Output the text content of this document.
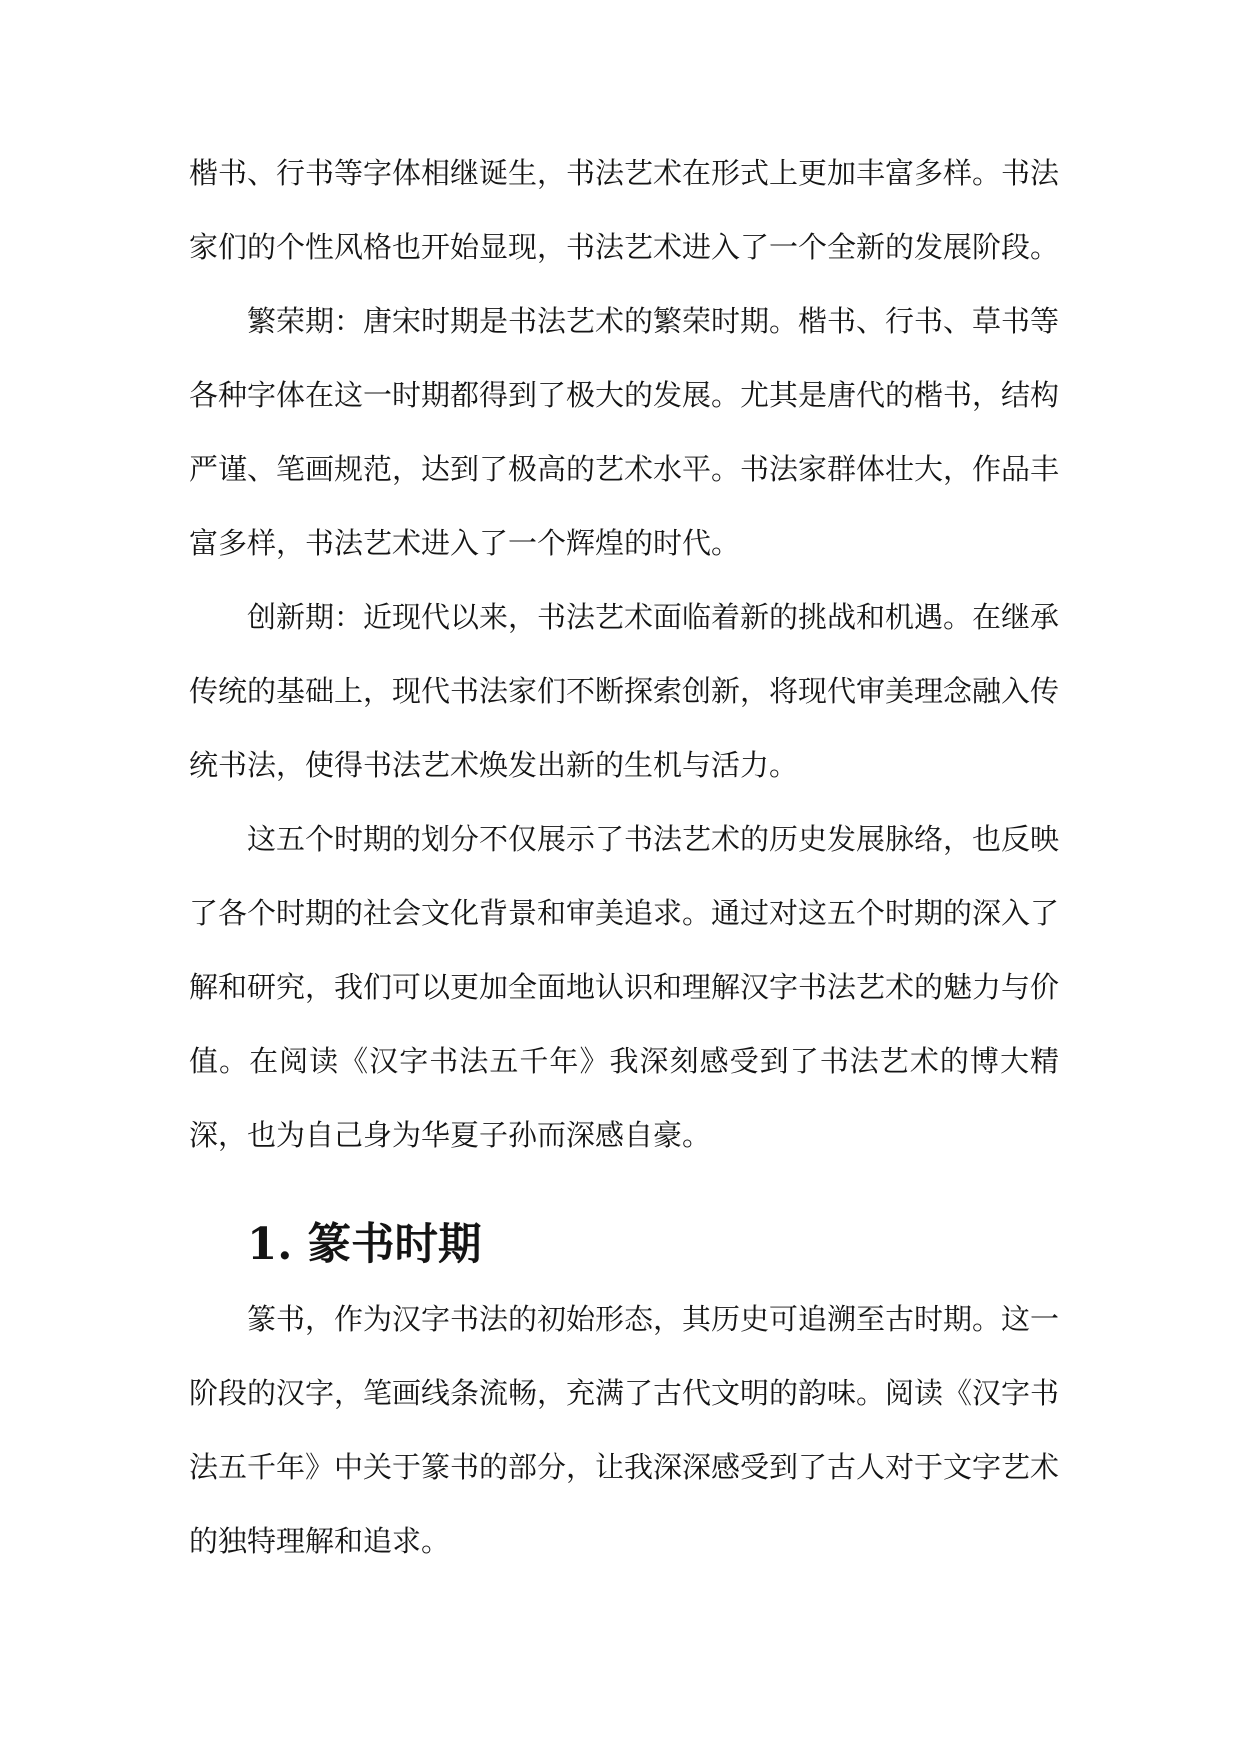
楷书、行书等字体相继诞生，书法艺术在形式上更加丰富多样。书法家们的个性风格也开始显现，书法艺术进入了一个全新的发展阶段。

繁荣期：唐宋时期是书法艺术的繁荣时期。楷书、行书、草书等各种字体在这一时期都得到了极大的发展。尤其是唐代的楷书，结构严谨、笔画规范，达到了极高的艺术水平。书法家群体壮大，作品丰富多样，书法艺术进入了一个辉煌的时代。

创新期：近现代以来，书法艺术面临着新的挑战和机遇。在继承传统的基础上，现代书法家们不断探索创新，将现代审美理念融入传统书法，使得书法艺术焕发出新的生机与活力。

这五个时期的划分不仅展示了书法艺术的历史发展脉络，也反映了各个时期的社会文化背景和审美追求。通过对这五个时期的深入了解和研究，我们可以更加全面地认识和理解汉字书法艺术的魅力与价值。在阅读《汉字书法五千年》我深刻感受到了书法艺术的博大精深，也为自己身为华夏子孙而深感自豪。

1. 篆书时期

篆书，作为汉字书法的初始形态，其历史可追溯至古时期。这一阶段的汉字，笔画线条流畅，充满了古代文明的韵味。阅读《汉字书法五千年》中关于篆书的部分，让我深深感受到了古人对于文字艺术的独特理解和追求。
